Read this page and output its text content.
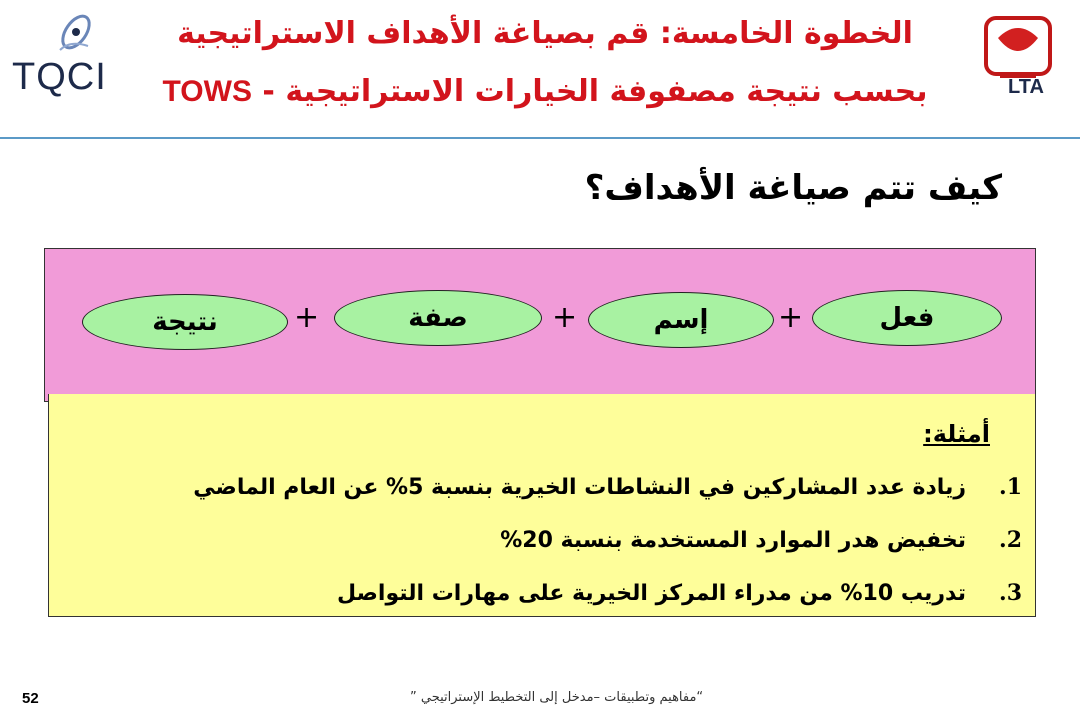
TQCI
الخطوة الخامسة: قم بصياغة الأهداف الاستراتيجية
بحسب نتيجة مصفوفة الخيارات الاستراتيجية - TOWS	LTA
كيف تتم صياغة الأهداف؟
فعل
+
إسم
+
صفة
+
نتيجة
أمثلة:
1.زيادة عدد المشاركين في النشاطات الخيرية بنسبة 5% عن العام الماضي
2.تخفيض هدر الموارد المستخدمة بنسبة 20%
3.تدريب 10% من مدراء المركز الخيرية على مهارات التواصل
52	“مفاهيم وتطبيقات –مدخل إلى التخطيط الإستراتيجي ”
